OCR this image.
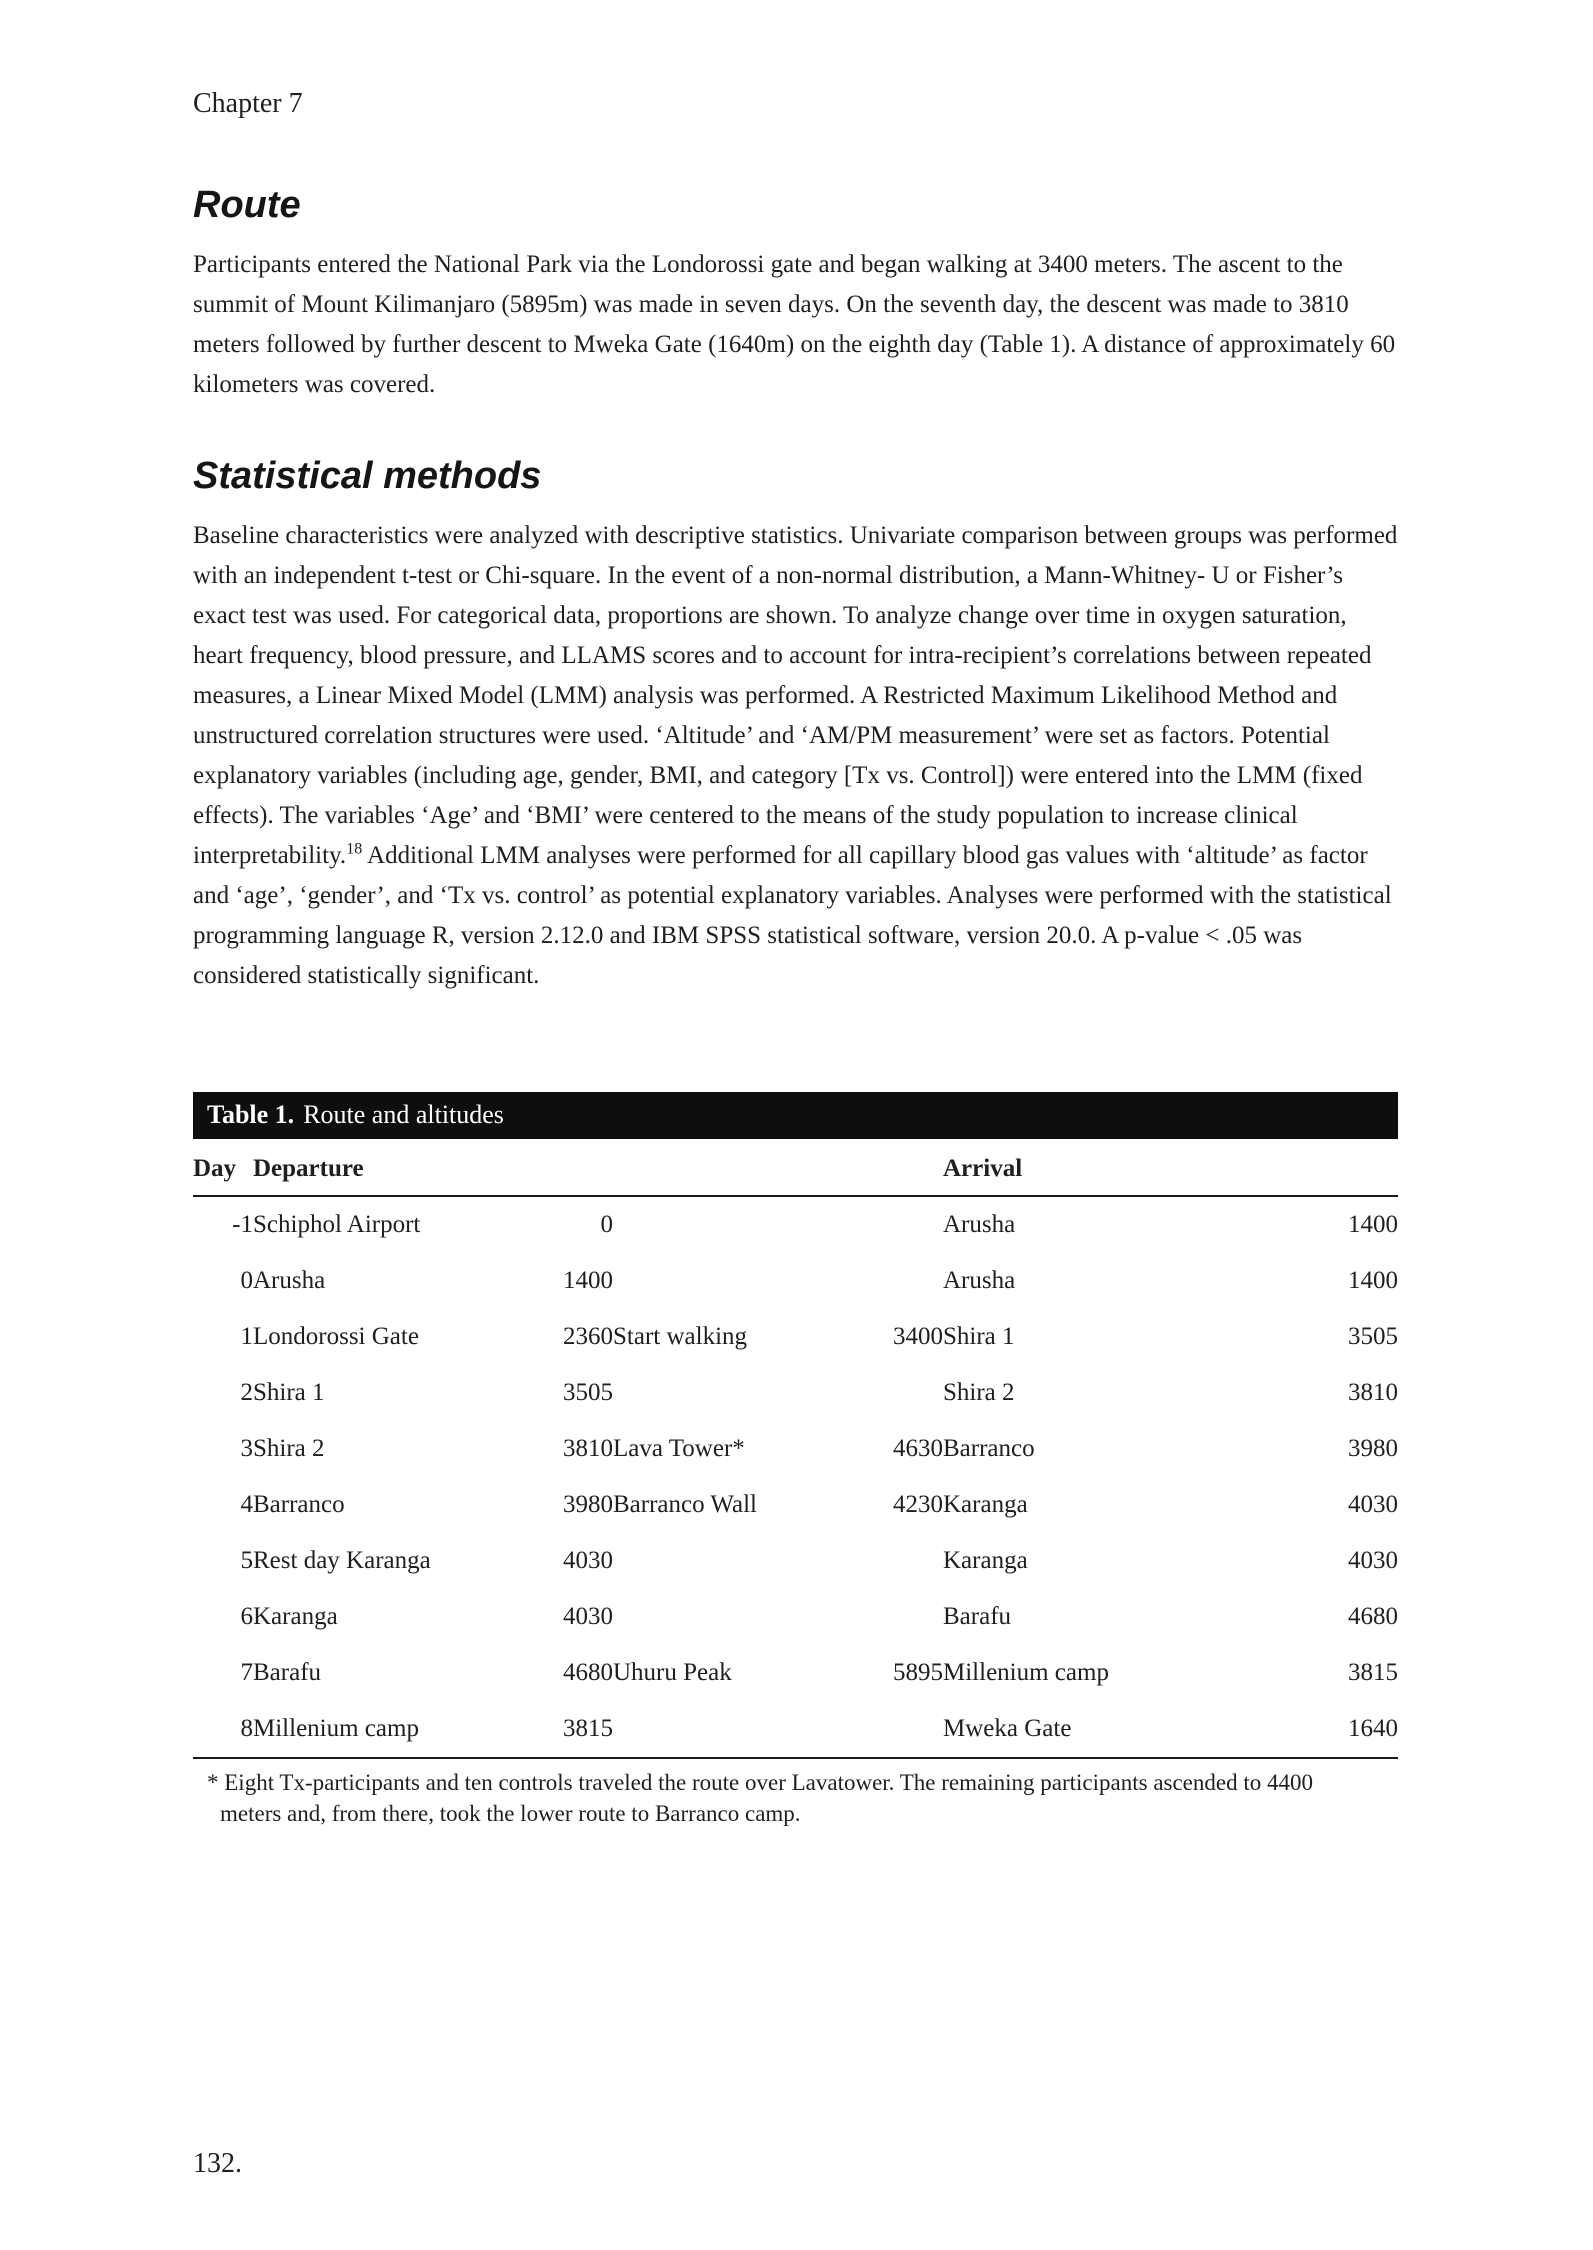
Chapter 7
Route

Participants entered the National Park via the Londorossi gate and began walking at 3400 meters. The ascent to the summit of Mount Kilimanjaro (5895m) was made in seven days. On the seventh day, the descent was made to 3810 meters followed by further descent to Mweka Gate (1640m) on the eighth day (Table 1). A distance of approximately 60 kilometers was covered.

Statistical methods

Baseline characteristics were analyzed with descriptive statistics. Univariate comparison between groups was performed with an independent t-test or Chi-square. In the event of a non-normal distribution, a Mann-Whitney- U or Fisher’s exact test was used. For categorical data, proportions are shown. To analyze change over time in oxygen saturation, heart frequency, blood pressure, and LLAMS scores and to account for intra-recipient’s correlations between repeated measures, a Linear Mixed Model (LMM) analysis was performed. A Restricted Maximum Likelihood Method and unstructured correlation structures were used. ‘Altitude’ and ‘AM/PM measurement’ were set as factors. Potential explanatory variables (including age, gender, BMI, and category [Tx vs. Control]) were entered into the LMM (fixed effects). The variables ‘Age’ and ‘BMI’ were centered to the means of the study population to increase clinical interpretability.$^{18}$ Additional LMM analyses were performed for all capillary blood gas values with ‘altitude’ as factor and ‘age’, ‘gender’, and ‘Tx vs. control’ as potential explanatory variables. Analyses were performed with the statistical programming language R, version 2.12.0 and IBM SPSS statistical software, version 20.0. A p-value < .05 was considered statistically significant.

Table 1. Route and altitudes
Day	Departure				Arrival	
-1	Schiphol Airport	0			Arusha	1400
0	Arusha	1400			Arusha	1400
1	Londorossi Gate	2360	Start walking	3400	Shira 1	3505
2	Shira 1	3505			Shira 2	3810
3	Shira 2	3810	Lava Tower*	4630	Barranco	3980
4	Barranco	3980	Barranco Wall	4230	Karanga	4030
5	Rest day Karanga	4030			Karanga	4030
6	Karanga	4030			Barafu	4680
7	Barafu	4680	Uhuru Peak	5895	Millenium camp	3815
8	Millenium camp	3815			Mweka Gate	1640
* Eight Tx-participants and ten controls traveled the route over Lavatower. The remaining participants ascended to 4400 meters and, from there, took the lower route to Barranco camp.
132.
